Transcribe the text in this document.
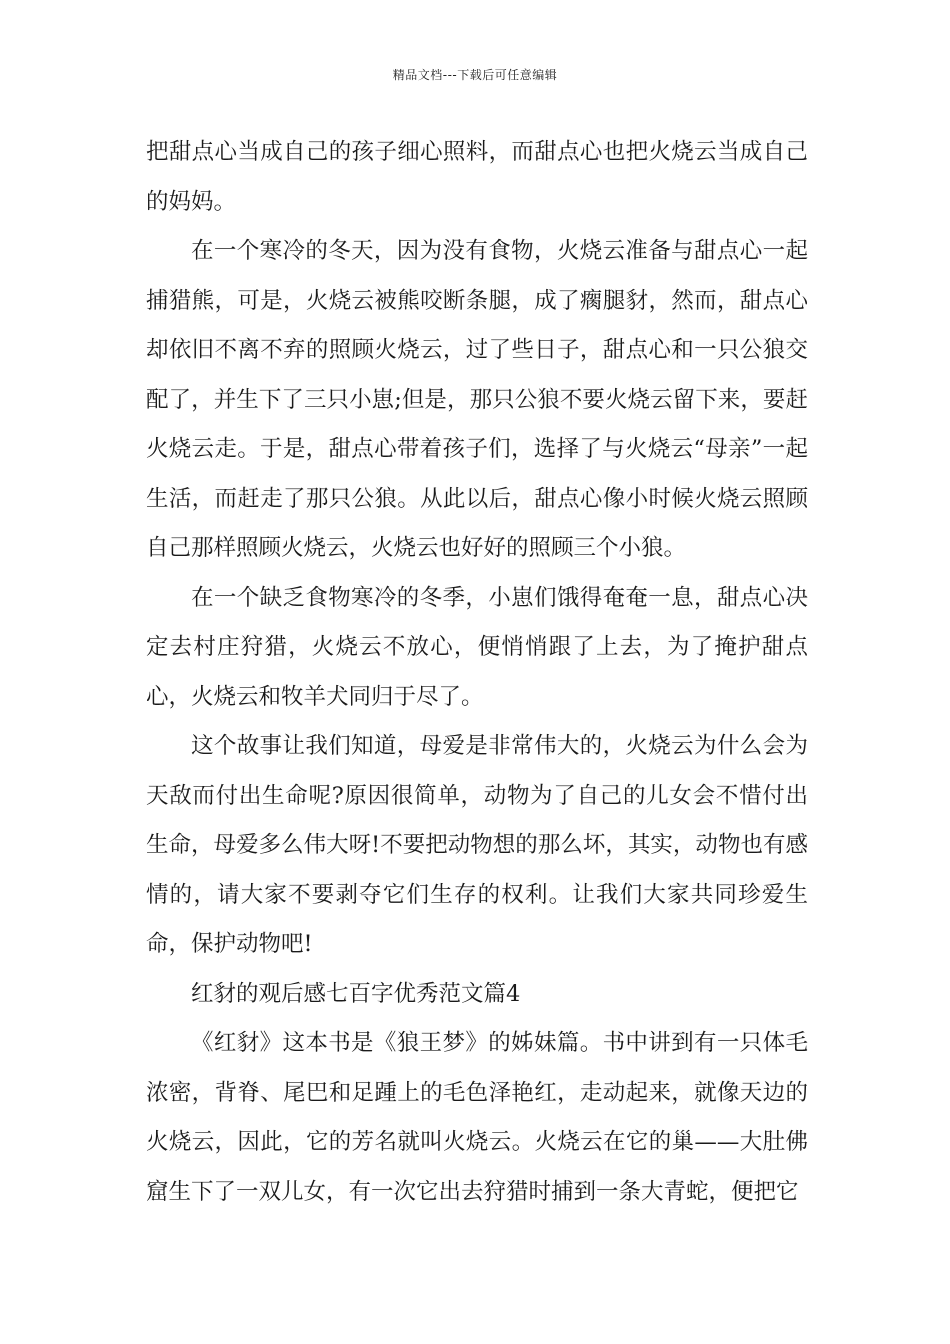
精品文档---下载后可任意编辑

把甜点心当成自己的孩子细心照料，而甜点心也把火烧云当成自己的妈妈。

在一个寒冷的冬天，因为没有食物，火烧云准备与甜点心一起捕猎熊，可是，火烧云被熊咬断条腿，成了瘸腿豺，然而，甜点心却依旧不离不弃的照顾火烧云，过了些日子，甜点心和一只公狼交配了，并生下了三只小崽;但是，那只公狼不要火烧云留下来，要赶火烧云走。于是，甜点心带着孩子们，选择了与火烧云“母亲”一起生活，而赶走了那只公狼。从此以后，甜点心像小时候火烧云照顾自己那样照顾火烧云，火烧云也好好的照顾三个小狼。

在一个缺乏食物寒冷的冬季，小崽们饿得奄奄一息，甜点心决定去村庄狩猎，火烧云不放心，便悄悄跟了上去，为了掩护甜点心，火烧云和牧羊犬同归于尽了。

这个故事让我们知道，母爱是非常伟大的，火烧云为什么会为天敌而付出生命呢?原因很简单，动物为了自己的儿女会不惜付出生命，母爱多么伟大呀!不要把动物想的那么坏，其实，动物也有感情的，请大家不要剥夺它们生存的权利。让我们大家共同珍爱生命，保护动物吧!

红豺的观后感七百字优秀范文篇4

《红豺》这本书是《狼王梦》的姊妹篇。书中讲到有一只体毛浓密，背脊、尾巴和足踵上的毛色泽艳红，走动起来，就像天边的火烧云，因此，它的芳名就叫火烧云。火烧云在它的巢——大肚佛窟生下了一双儿女，有一次它出去狩猎时捕到一条大青蛇，便把它
